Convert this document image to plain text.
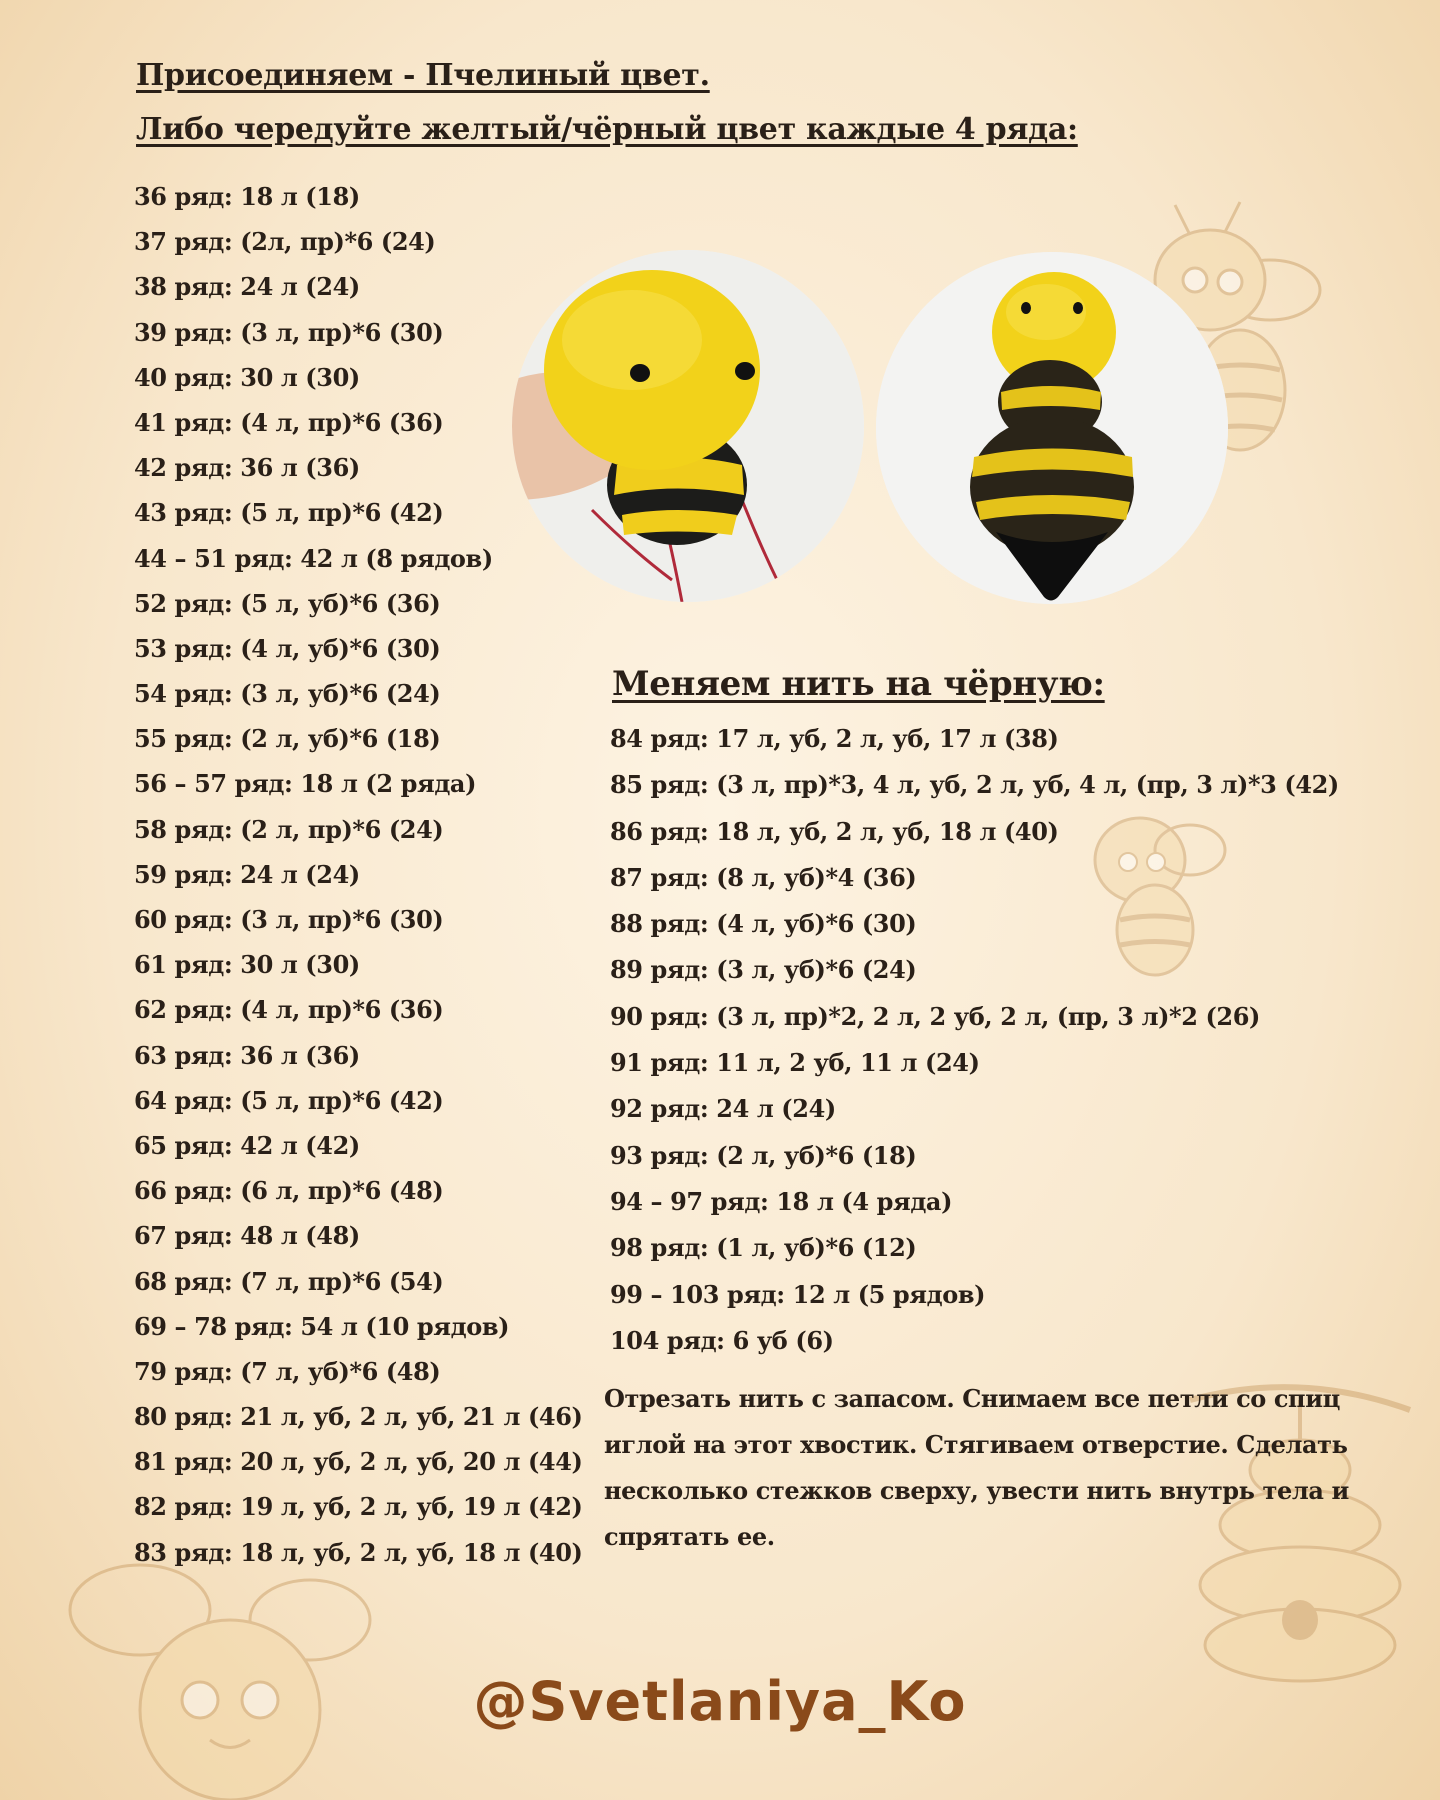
Присоединяем - Пчелиный цвет.
Либо чередуйте желтый/чёрный цвет каждые 4 ряда:
36 ряд: 18 л (18)
37 ряд: (2л, пр)*6 (24)
38 ряд: 24 л (24)
39 ряд: (3 л, пр)*6 (30)
40 ряд: 30 л (30)
41 ряд: (4 л, пр)*6 (36)
42 ряд: 36 л (36)
43 ряд: (5 л, пр)*6 (42)
44 – 51 ряд: 42 л (8 рядов)
52 ряд: (5 л, уб)*6 (36)
53 ряд: (4 л, уб)*6 (30)
54 ряд: (3 л, уб)*6 (24)
55 ряд: (2 л, уб)*6 (18)
56 – 57 ряд: 18 л (2 ряда)
58 ряд: (2 л, пр)*6 (24)
59 ряд: 24 л (24)
60 ряд: (3 л, пр)*6 (30)
61 ряд: 30 л (30)
62 ряд: (4 л, пр)*6 (36)
63 ряд: 36 л (36)
64 ряд: (5 л, пр)*6 (42)
65 ряд: 42 л (42)
66 ряд: (6 л, пр)*6 (48)
67 ряд: 48 л (48)
68 ряд: (7 л, пр)*6 (54)
69 – 78 ряд: 54 л (10 рядов)
79 ряд: (7 л, уб)*6 (48)
80 ряд: 21 л, уб, 2 л, уб, 21 л (46)
81 ряд: 20 л, уб, 2 л, уб, 20 л (44)
82 ряд: 19 л, уб, 2 л, уб, 19 л (42)
83 ряд: 18 л, уб, 2 л, уб, 18 л (40)
Меняем нить на чёрную:
84 ряд: 17 л, уб, 2 л, уб, 17 л (38)
85 ряд: (3 л, пр)*3, 4 л, уб, 2 л, уб, 4 л, (пр, 3 л)*3 (42)
86 ряд: 18 л, уб, 2 л, уб, 18 л (40)
87 ряд: (8 л, уб)*4 (36)
88 ряд: (4 л, уб)*6 (30)
89 ряд: (3 л, уб)*6 (24)
90 ряд: (3 л, пр)*2, 2 л, 2 уб, 2 л, (пр, 3 л)*2 (26)
91 ряд: 11 л, 2 уб, 11 л (24)
92 ряд: 24 л (24)
93 ряд: (2 л, уб)*6 (18)
94 – 97 ряд: 18 л (4 ряда)
98 ряд: (1 л, уб)*6 (12)
99 – 103 ряд: 12 л (5 рядов)
104 ряд: 6 уб (6)
Отрезать нить с запасом. Снимаем все петли со спиц иглой на этот хвостик. Стягиваем отверстие. Сделать несколько стежков сверху, увести нить внутрь тела и спрятать ее.
@Svetlaniya_Ko
